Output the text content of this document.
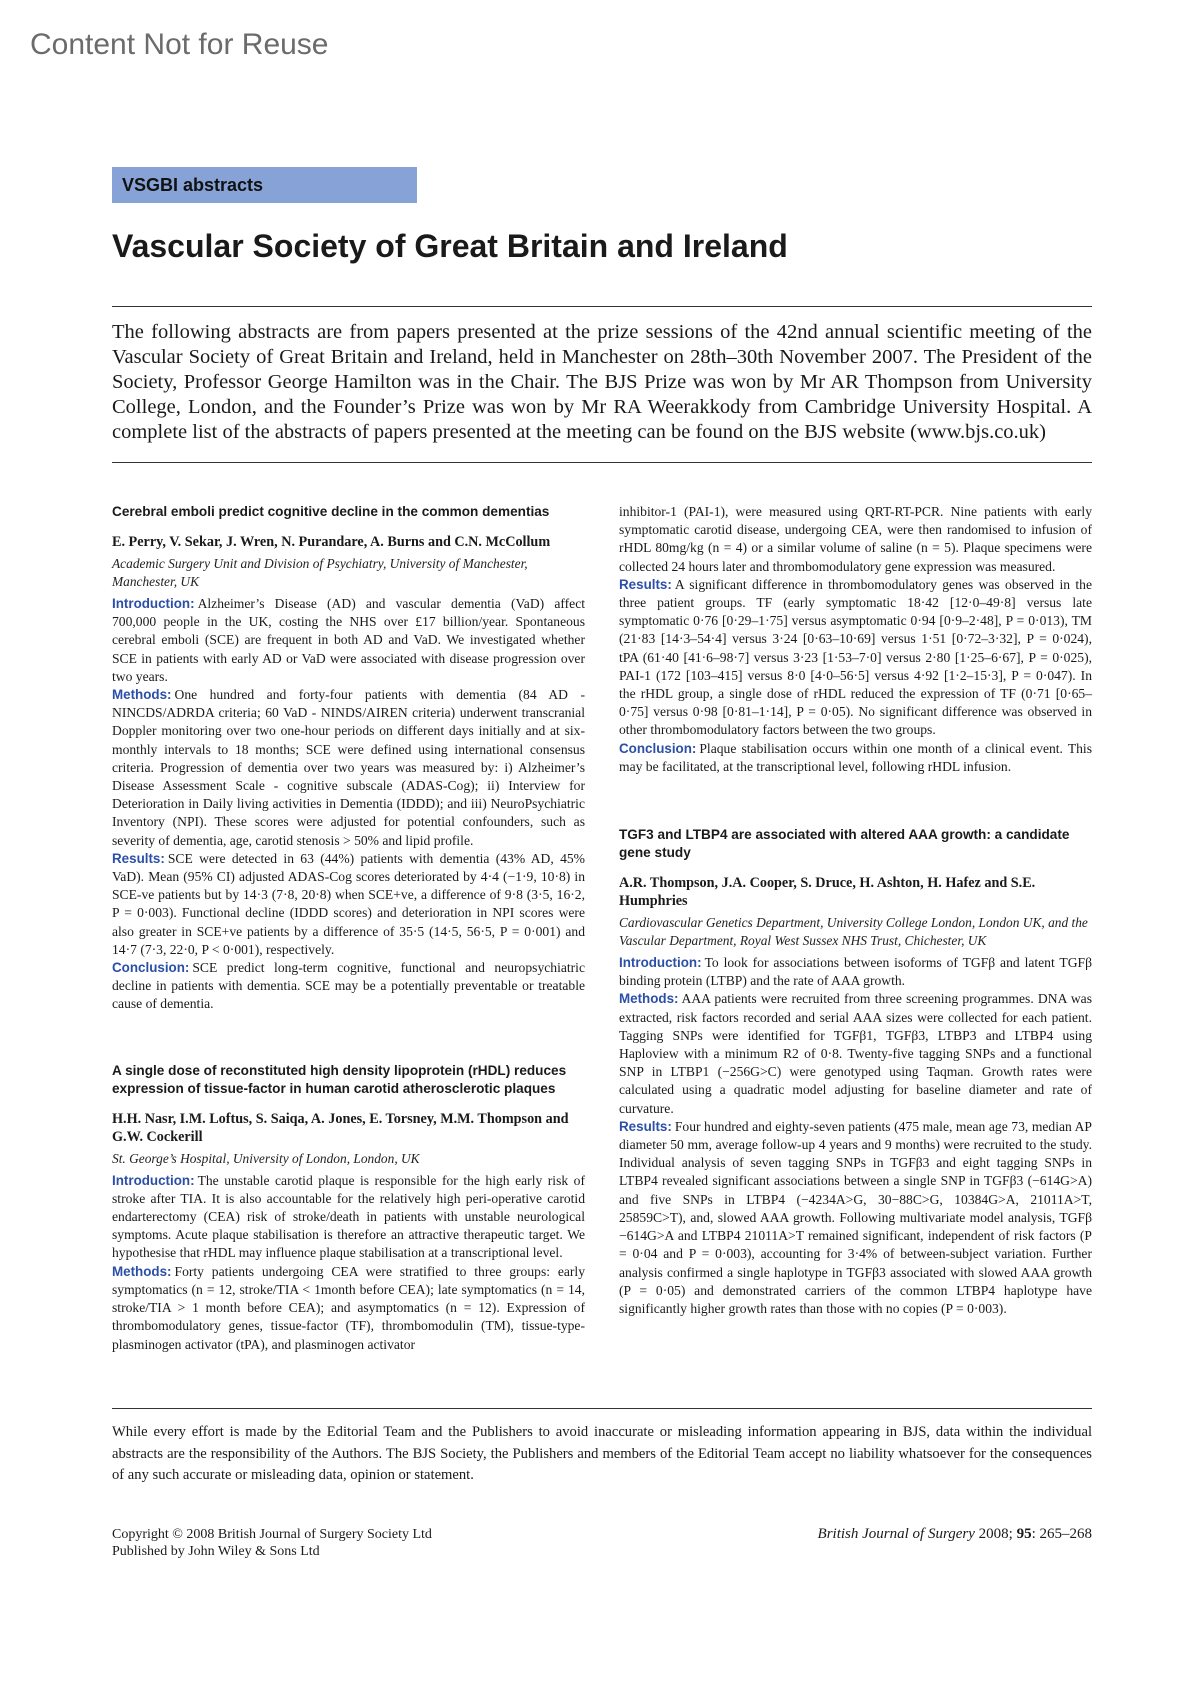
Content Not for Reuse
VSGBI abstracts
Vascular Society of Great Britain and Ireland

The following abstracts are from papers presented at the prize sessions of the 42nd annual scientific meeting of the Vascular Society of Great Britain and Ireland, held in Manchester on 28th–30th November 2007. The President of the Society, Professor George Hamilton was in the Chair. The BJS Prize was won by Mr AR Thompson from University College, London, and the Founder’s Prize was won by Mr RA Weerakkody from Cambridge University Hospital. A complete list of the abstracts of papers presented at the meeting can be found on the BJS website (www.bjs.co.uk)

Cerebral emboli predict cognitive decline in the common dementias
E. Perry, V. Sekar, J. Wren, N. Purandare, A. Burns and C.N. McCollum
Academic Surgery Unit and Division of Psychiatry, University of Manchester, Manchester, UK

Introduction: Alzheimer’s Disease (AD) and vascular dementia (VaD) affect 700,000 people in the UK, costing the NHS over £17 billion/year. Spontaneous cerebral emboli (SCE) are frequent in both AD and VaD. We investigated whether SCE in patients with early AD or VaD were associated with disease progression over two years.

Methods: One hundred and forty-four patients with dementia (84 AD - NINCDS/ADRDA criteria; 60 VaD - NINDS/AIREN criteria) underwent transcranial Doppler monitoring over two one-hour periods on different days initially and at six-monthly intervals to 18 months; SCE were defined using international consensus criteria. Progression of dementia over two years was measured by: i) Alzheimer’s Disease Assessment Scale - cognitive subscale (ADAS-Cog); ii) Interview for Deterioration in Daily living activities in Dementia (IDDD); and iii) NeuroPsychiatric Inventory (NPI). These scores were adjusted for potential confounders, such as severity of dementia, age, carotid stenosis > 50% and lipid profile.

Results: SCE were detected in 63 (44%) patients with dementia (43% AD, 45% VaD). Mean (95% CI) adjusted ADAS-Cog scores deteriorated by 4·4 (−1·9, 10·8) in SCE-ve patients but by 14·3 (7·8, 20·8) when SCE+ve, a difference of 9·8 (3·5, 16·2, P = 0·003). Functional decline (IDDD scores) and deterioration in NPI scores were also greater in SCE+ve patients by a difference of 35·5 (14·5, 56·5, P = 0·001) and 14·7 (7·3, 22·0, P < 0·001), respectively.

Conclusion: SCE predict long-term cognitive, functional and neuropsychiatric decline in patients with dementia. SCE may be a potentially preventable or treatable cause of dementia.

A single dose of reconstituted high density lipoprotein (rHDL) reduces expression of tissue-factor in human carotid atherosclerotic plaques
H.H. Nasr, I.M. Loftus, S. Saiqa, A. Jones, E. Torsney, M.M. Thompson and G.W. Cockerill
St. George’s Hospital, University of London, London, UK

Introduction: The unstable carotid plaque is responsible for the high early risk of stroke after TIA. It is also accountable for the relatively high peri-operative carotid endarterectomy (CEA) risk of stroke/death in patients with unstable neurological symptoms. Acute plaque stabilisation is therefore an attractive therapeutic target. We hypothesise that rHDL may influence plaque stabilisation at a transcriptional level.

Methods: Forty patients undergoing CEA were stratified to three groups: early symptomatics (n = 12, stroke/TIA < 1month before CEA); late symptomatics (n = 14, stroke/TIA > 1 month before CEA); and asymptomatics (n = 12). Expression of thrombomodulatory genes, tissue-factor (TF), thrombomodulin (TM), tissue-type-plasminogen activator (tPA), and plasminogen activator

inhibitor-1 (PAI-1), were measured using QRT-RT-PCR. Nine patients with early symptomatic carotid disease, undergoing CEA, were then randomised to infusion of rHDL 80mg/kg (n = 4) or a similar volume of saline (n = 5). Plaque specimens were collected 24 hours later and thrombomodulatory gene expression was measured.

Results: A significant difference in thrombomodulatory genes was observed in the three patient groups. TF (early symptomatic 18·42 [12·0–49·8] versus late symptomatic 0·76 [0·29–1·75] versus asymptomatic 0·94 [0·9–2·48], P = 0·013), TM (21·83 [14·3–54·4] versus 3·24 [0·63–10·69] versus 1·51 [0·72–3·32], P = 0·024), tPA (61·40 [41·6–98·7] versus 3·23 [1·53–7·0] versus 2·80 [1·25–6·67], P = 0·025), PAI-1 (172 [103–415] versus 8·0 [4·0–56·5] versus 4·92 [1·2–15·3], P = 0·047). In the rHDL group, a single dose of rHDL reduced the expression of TF (0·71 [0·65–0·75] versus 0·98 [0·81–1·14], P = 0·05). No significant difference was observed in other thrombomodulatory factors between the two groups.

Conclusion: Plaque stabilisation occurs within one month of a clinical event. This may be facilitated, at the transcriptional level, following rHDL infusion.

TGF3 and LTBP4 are associated with altered AAA growth: a candidate gene study
A.R. Thompson, J.A. Cooper, S. Druce, H. Ashton, H. Hafez and S.E. Humphries
Cardiovascular Genetics Department, University College London, London UK, and the Vascular Department, Royal West Sussex NHS Trust, Chichester, UK

Introduction: To look for associations between isoforms of TGFβ and latent TGFβ binding protein (LTBP) and the rate of AAA growth.

Methods: AAA patients were recruited from three screening programmes. DNA was extracted, risk factors recorded and serial AAA sizes were collected for each patient. Tagging SNPs were identified for TGFβ1, TGFβ3, LTBP3 and LTBP4 using Haploview with a minimum R2 of 0·8. Twenty-five tagging SNPs and a functional SNP in LTBP1 (−256G>C) were genotyped using Taqman. Growth rates were calculated using a quadratic model adjusting for baseline diameter and rate of curvature.

Results: Four hundred and eighty-seven patients (475 male, mean age 73, median AP diameter 50 mm, average follow-up 4 years and 9 months) were recruited to the study. Individual analysis of seven tagging SNPs in TGFβ3 and eight tagging SNPs in LTBP4 revealed significant associations between a single SNP in TGFβ3 (−614G>A) and five SNPs in LTBP4 (−4234A>G, 30−88C>G, 10384G>A, 21011A>T, 25859C>T), and, slowed AAA growth. Following multivariate model analysis, TGFβ −614G>A and LTBP4 21011A>T remained significant, independent of risk factors (P = 0·04 and P = 0·003), accounting for 3·4% of between-subject variation. Further analysis confirmed a single haplotype in TGFβ3 associated with slowed AAA growth (P = 0·05) and demonstrated carriers of the common LTBP4 haplotype have significantly higher growth rates than those with no copies (P = 0·003).

While every effort is made by the Editorial Team and the Publishers to avoid inaccurate or misleading information appearing in BJS, data within the individual abstracts are the responsibility of the Authors. The BJS Society, the Publishers and members of the Editorial Team accept no liability whatsoever for the consequences of any such accurate or misleading data, opinion or statement.

Copyright © 2008 British Journal of Surgery Society Ltd
Published by John Wiley & Sons Ltd
British Journal of Surgery 2008; 95: 265–268
